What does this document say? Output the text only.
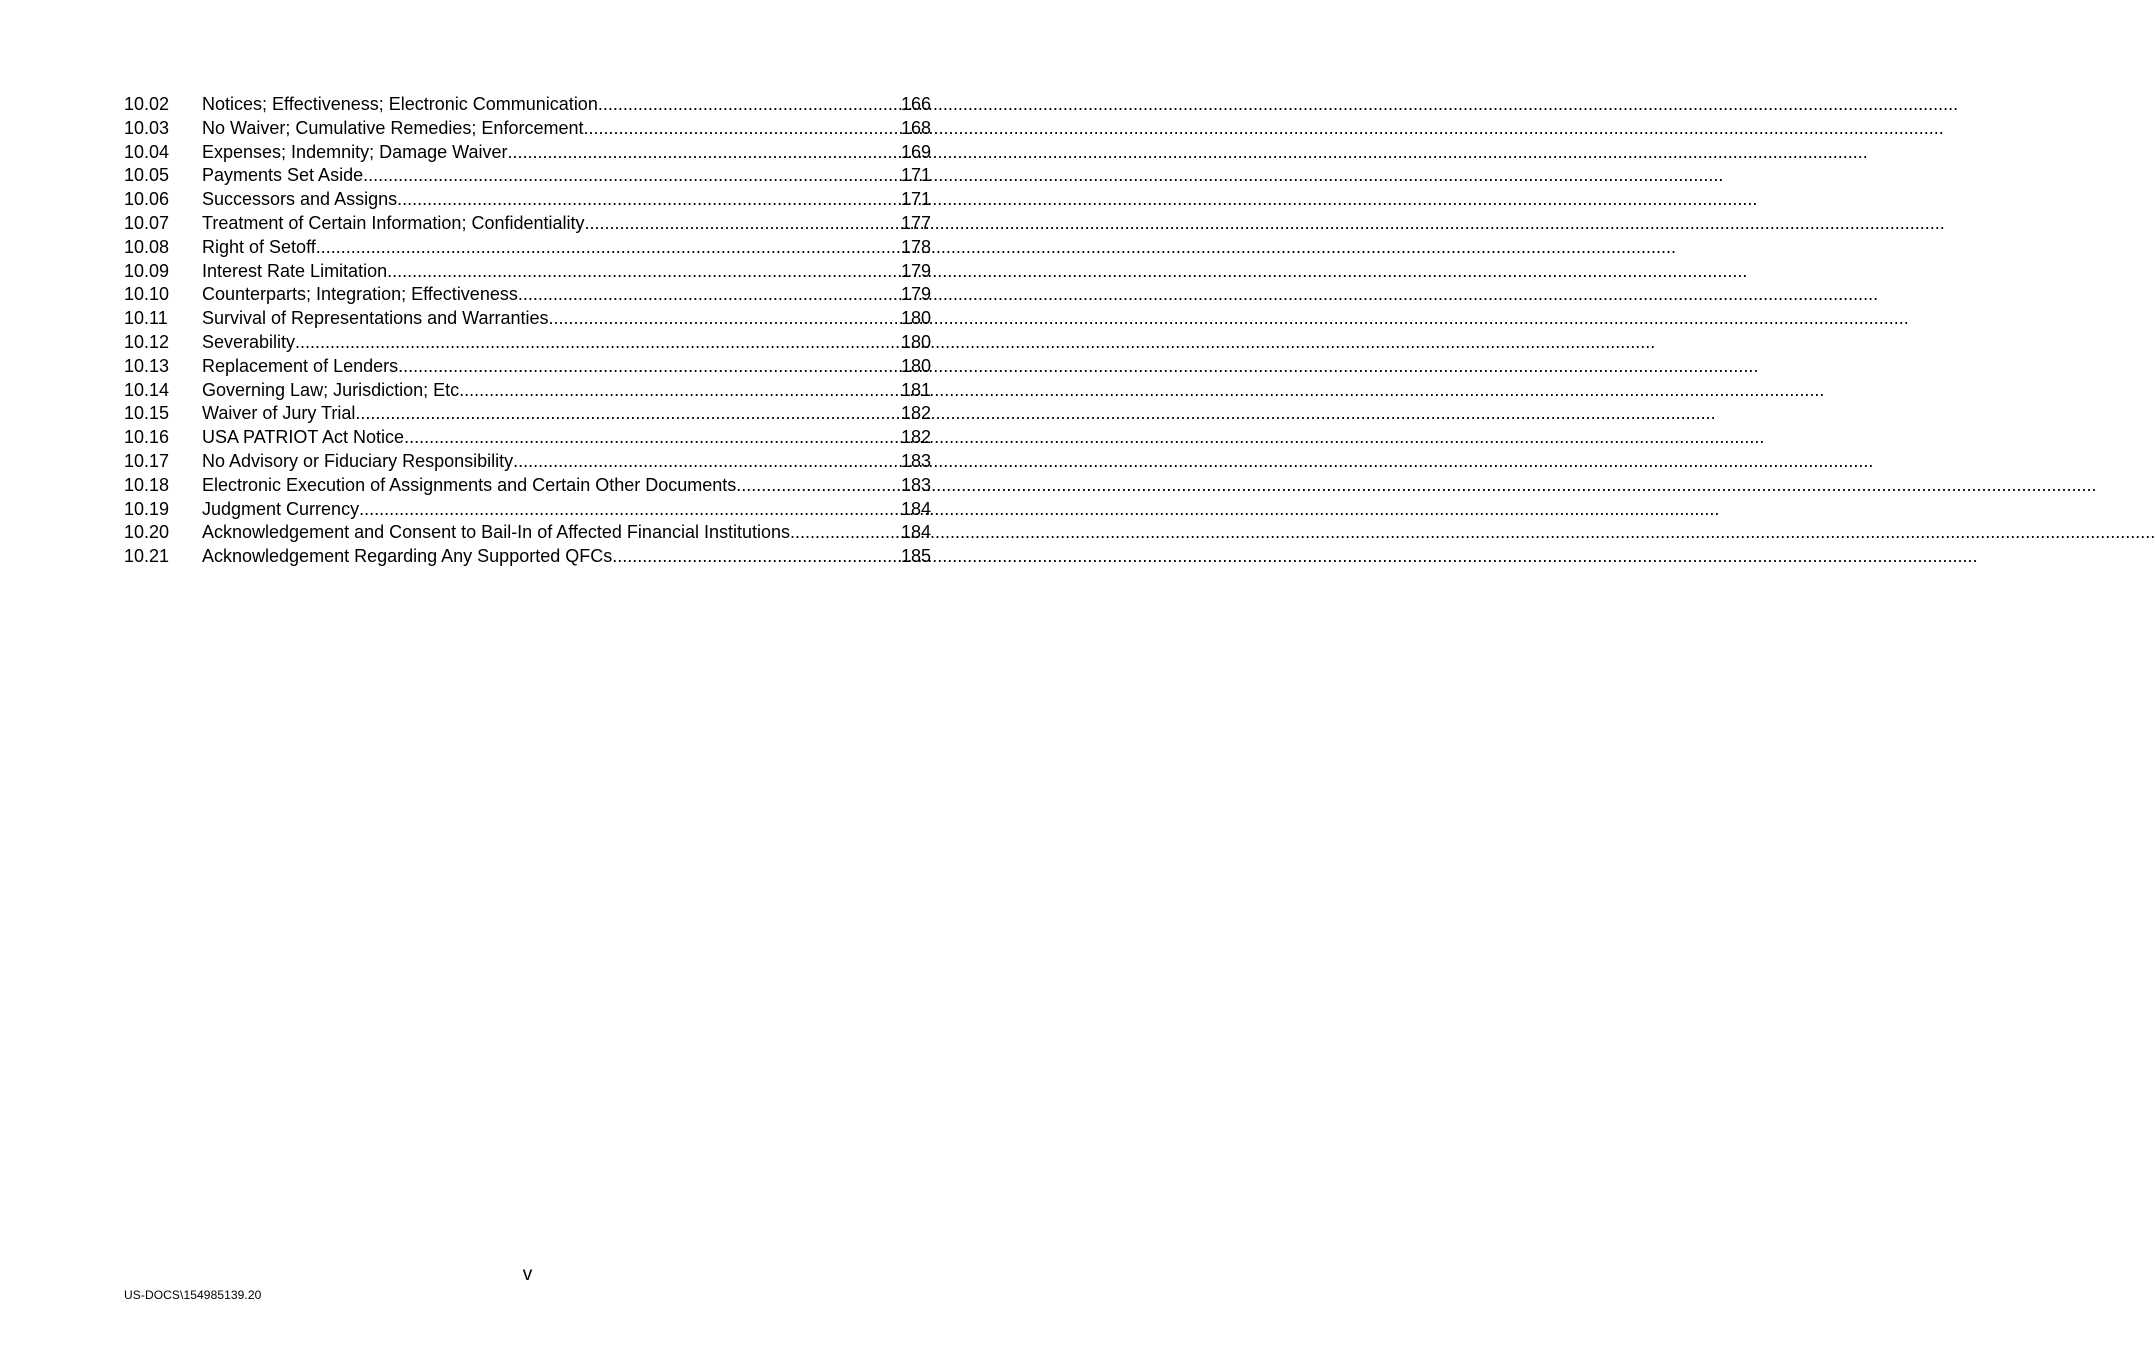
10.02	Notices; Effectiveness; Electronic Communication .....	166
10.03	No Waiver; Cumulative Remedies; Enforcement .....	168
10.04	Expenses; Indemnity; Damage Waiver .....	169
10.05	Payments Set Aside .....	171
10.06	Successors and Assigns .....	171
10.07	Treatment of Certain Information; Confidentiality .....	177
10.08	Right of Setoff .....	178
10.09	Interest Rate Limitation .....	179
10.10	Counterparts; Integration; Effectiveness .....	179
10.11	Survival of Representations and Warranties .....	180
10.12	Severability .....	180
10.13	Replacement of Lenders .....	180
10.14	Governing Law; Jurisdiction; Etc. .....	181
10.15	Waiver of Jury Trial .....	182
10.16	USA PATRIOT Act Notice .....	182
10.17	No Advisory or Fiduciary Responsibility .....	183
10.18	Electronic Execution of Assignments and Certain Other Documents .....	183
10.19	Judgment Currency .....	184
10.20	Acknowledgement and Consent to Bail-In of Affected Financial Institutions. .....	184
10.21	Acknowledgement Regarding Any Supported QFCs. .....	185
v
US-DOCS\154985139.20
